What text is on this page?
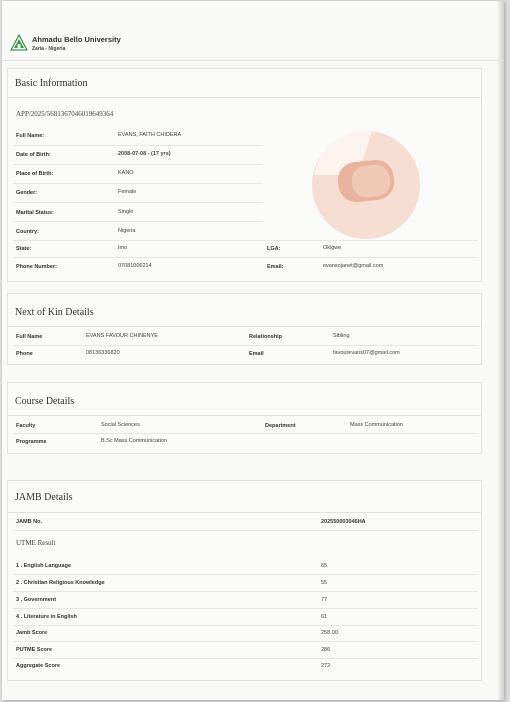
Ahmadu Bello University
Zaria - Nigeria
Basic Information
APP/2025/5681367046019649364
Full Name:	EVANS, FAITH CHIDERA
Date of Birth:	2008-07-08 - (17 yrs)
Place of Birth:	KANO
Gender:	Female
Marital Status:	Single
Country:	Nigeria
State:	Imo	LGA:	Okigwe
Phone Number:	07081006214	Email:	evansojanet@gmail.com
Next of Kin Details
Full Name	EVANS FAVOUR CHINENYE	Relationship	Sibling
Phone	08136336820	Email	favourevans07@gmail.com
Course Details
Faculty	Social Sciences	Department	Mass Communication
Programme	B.Sc Mass Communication
JAMB Details
JAMB No.	202550003046HA
UTME Result
1 . English Language	65
2 . Christian Religious Knowledge	55
3 . Government	77
4 . Literature in English	61
Jamb Score	258.00
PUTME Score	286
Aggregate Score	272
